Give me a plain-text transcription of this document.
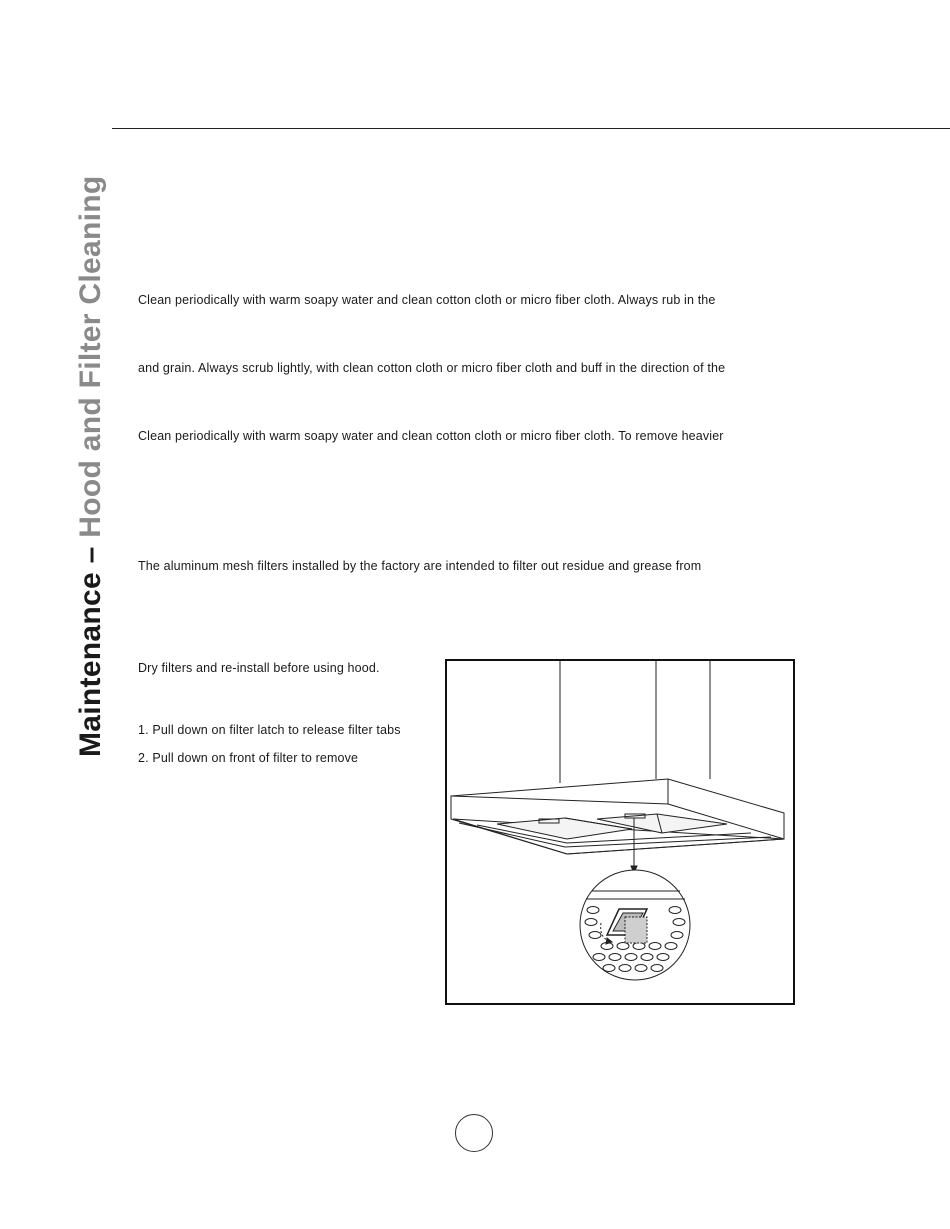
Maintenance – Hood and Filter Cleaning Clean periodically with warm soapy water and clean cotton cloth or micro fiber cloth. Always rub in the
and grain. Always scrub lightly, with clean cotton cloth or micro fiber cloth and buff in the direction of the
Clean periodically with warm soapy water and clean cotton cloth or micro fiber cloth. To remove heavier
The aluminum mesh filters installed by the factory are intended to filter out residue and grease from
Dry filters and re-install before using hood.
1. Pull down on filter latch to release filter tabs
2. Pull down on front of filter to remove
